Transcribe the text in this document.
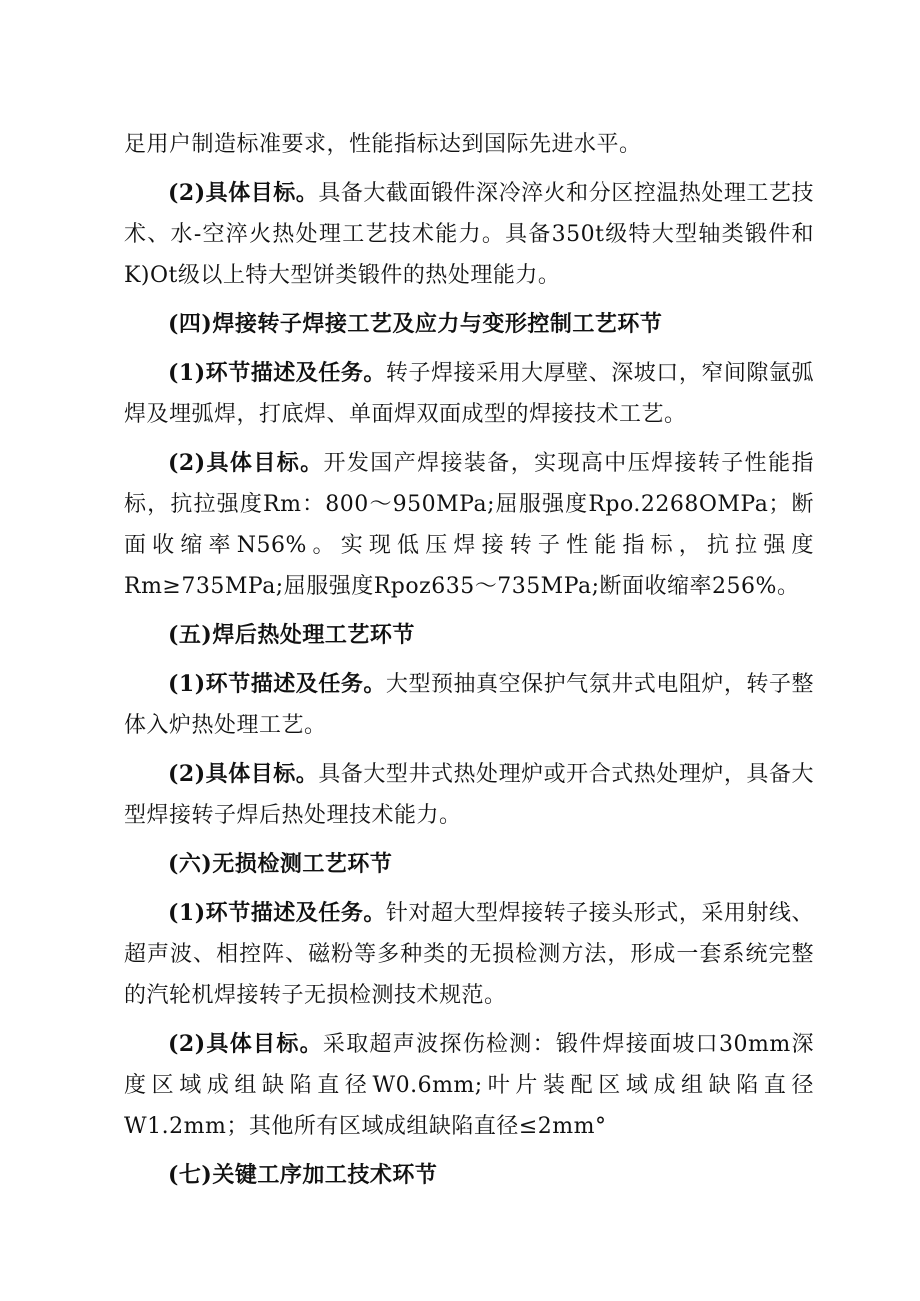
足用户制造标准要求，性能指标达到国际先进水平。

(2)具体目标。具备大截面锻件深冷淬火和分区控温热处理工艺技术、水-空淬火热处理工艺技术能力。具备350t级特大型轴类锻件和K)Ot级以上特大型饼类锻件的热处理能力。

(四)焊接转子焊接工艺及应力与变形控制工艺环节

(1)环节描述及任务。转子焊接采用大厚壁、深坡口，窄间隙氩弧焊及埋弧焊，打底焊、单面焊双面成型的焊接技术工艺。

(2)具体目标。开发国产焊接装备，实现高中压焊接转子性能指标，抗拉强度Rm：800～950MPa;屈服强度Rpo.2268OMPa；断面收缩率N56%。实现低压焊接转子性能指标，抗拉强度Rm≥735MPa;屈服强度Rpoz635～735MPa;断面收缩率256%。

(五)焊后热处理工艺环节

(1)环节描述及任务。大型预抽真空保护气氛井式电阻炉，转子整体入炉热处理工艺。

(2)具体目标。具备大型井式热处理炉或开合式热处理炉，具备大型焊接转子焊后热处理技术能力。

(六)无损检测工艺环节

(1)环节描述及任务。针对超大型焊接转子接头形式，采用射线、超声波、相控阵、磁粉等多种类的无损检测方法，形成一套系统完整的汽轮机焊接转子无损检测技术规范。

(2)具体目标。采取超声波探伤检测：锻件焊接面坡口30mm深度区域成组缺陷直径W0.6mm;叶片装配区域成组缺陷直径W1.2mm；其他所有区域成组缺陷直径≤2mm°

(七)关键工序加工技术环节
